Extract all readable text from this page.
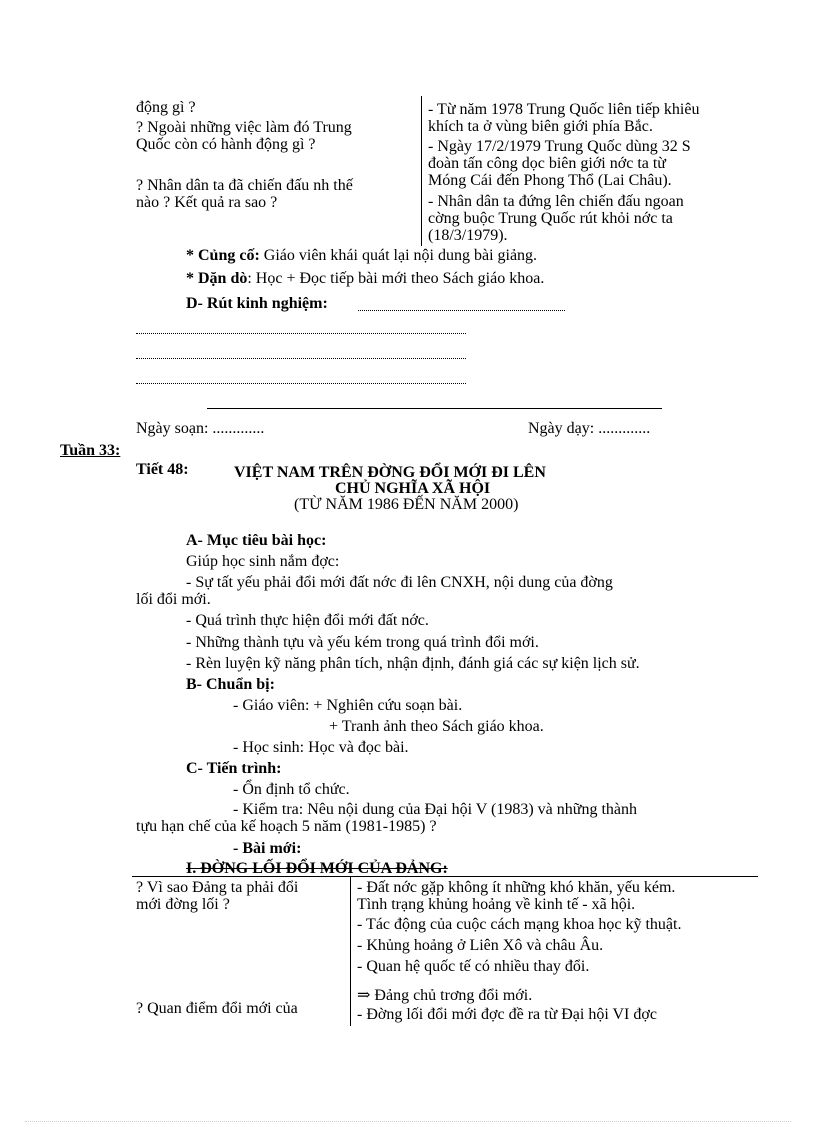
động gì ?
? Ngoài những việc làm đó Trung
Quốc còn có hành động gì ?
? Nhân dân ta đã chiến đấu nh thế
nào ? Kết quả ra sao ?
- Từ năm 1978 Trung Quốc liên tiếp khiêu
khích ta ở vùng biên giới phía Bắc.
- Ngày 17/2/1979 Trung Quốc dùng 32 S
đoàn tấn công dọc biên giới nớc ta từ
Móng Cái đến Phong Thổ (Lai Châu).
- Nhân dân ta đứng lên chiến đấu ngoan
cờng buộc Trung Quốc rút khỏi nớc ta
(18/3/1979).
* Củng cố: Giáo viên khái quát lại nội dung bài giảng.
* Dặn dò: Học + Đọc tiếp bài mới theo Sách giáo khoa.
D- Rút kinh nghiệm:
Ngày soạn: .............	Ngày dạy: .............
Tuần 33:
Tiết 48:	VIỆT NAM TRÊN ĐỜNG ĐỔI MỚI ĐI LÊN
CHỦ NGHĨA XÃ HỘI
(TỪ NĂM 1986 ĐẾN NĂM 2000)
A- Mục tiêu bài học:
Giúp học sinh nắm đợc:
- Sự tất yếu phải đổi mới đất nớc đi lên CNXH, nội dung của đờng
lối đổi mới.
- Quá trình thực hiện đổi mới đất nớc.
- Những thành tựu và yếu kém trong quá trình đổi mới.
- Rèn luyện kỹ năng phân tích, nhận định, đánh giá các sự kiện lịch sử.
B- Chuẩn bị:
- Giáo viên: + Nghiên cứu soạn bài.
+ Tranh ảnh theo Sách giáo khoa.
- Học sinh: Học và đọc bài.
C- Tiến trình:
- Ổn định tổ chức.
- Kiểm tra: Nêu nội dung của Đại hội V (1983) và những thành
tựu hạn chế của kế hoạch 5 năm (1981-1985) ?
- Bài mới:
I. ĐỜNG LỐI ĐỔI MỚI CỦA ĐẢNG:
? Vì sao Đảng ta phải đổi
mới đờng lối ?
? Quan điểm đổi mới của
- Đất nớc gặp không ít những khó khăn, yếu kém.
Tình trạng khủng hoảng về kinh tế - xã hội.
- Tác động của cuộc cách mạng khoa học kỹ thuật.
- Khủng hoảng ở Liên Xô và châu Âu.
- Quan hệ quốc tế có nhiều thay đổi.
⇒ Đảng chủ trơng đổi mới.
- Đờng lối đổi mới đợc đề ra từ Đại hội VI đợc
